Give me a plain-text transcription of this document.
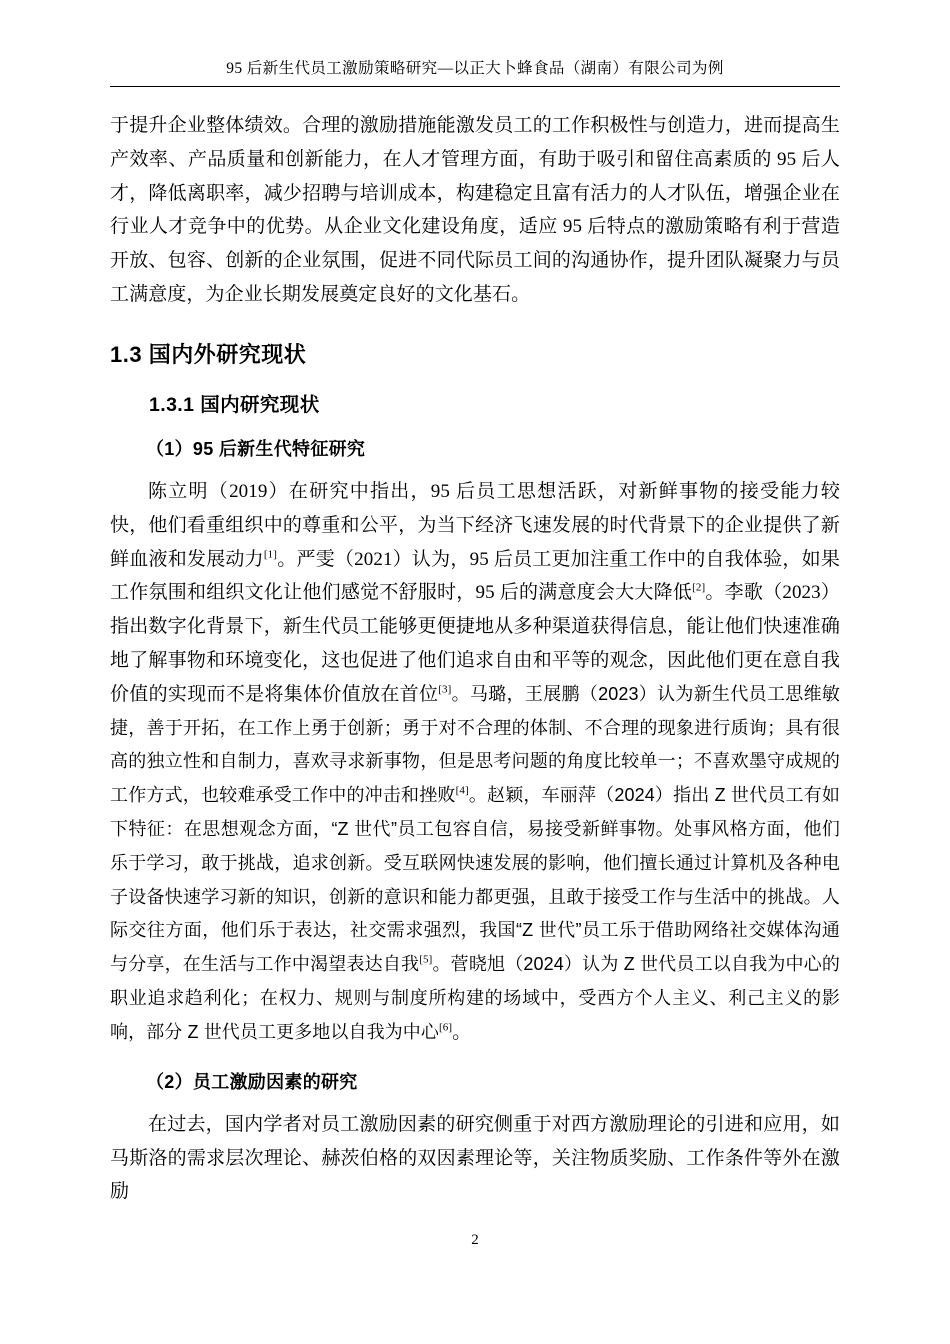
95 后新生代员工激励策略研究—以正大卜蜂食品（湖南）有限公司为例

于提升企业整体绩效。合理的激励措施能激发员工的工作积极性与创造力，进而提高生产效率、产品质量和创新能力，在人才管理方面，有助于吸引和留住高素质的 95 后人才，降低离职率，减少招聘与培训成本，构建稳定且富有活力的人才队伍，增强企业在行业人才竞争中的优势。从企业文化建设角度，适应 95 后特点的激励策略有利于营造开放、包容、创新的企业氛围，促进不同代际员工间的沟通协作，提升团队凝聚力与员工满意度，为企业长期发展奠定良好的文化基石。

1.3 国内外研究现状
1.3.1 国内研究现状
（1）95 后新生代特征研究

陈立明（2019）在研究中指出，95 后员工思想活跃，对新鲜事物的接受能力较快，他们看重组织中的尊重和公平，为当下经济飞速发展的时代背景下的企业提供了新鲜血液和发展动力[1]。严雯（2021）认为，95 后员工更加注重工作中的自我体验，如果工作氛围和组织文化让他们感觉不舒服时，95 后的满意度会大大降低[2]。李歌（2023）指出数字化背景下，新生代员工能够更便捷地从多种渠道获得信息，能让他们快速准确地了解事物和环境变化，这也促进了他们追求自由和平等的观念，因此他们更在意自我价值的实现而不是将集体价值放在首位[3]。马璐，王展鹏（2023）认为新生代员工思维敏捷，善于开拓，在工作上勇于创新；勇于对不合理的体制、不合理的现象进行质询；具有很高的独立性和自制力，喜欢寻求新事物，但是思考问题的角度比较单一；不喜欢墨守成规的工作方式，也较难承受工作中的冲击和挫败[4]。赵颖，车丽萍（2024）指出 Z 世代员工有如下特征：在思想观念方面，“Z 世代”员工包容自信，易接受新鲜事物。处事风格方面，他们乐于学习，敢于挑战，追求创新。受互联网快速发展的影响，他们擅长通过计算机及各种电子设备快速学习新的知识，创新的意识和能力都更强，且敢于接受工作与生活中的挑战。人际交往方面，他们乐于表达，社交需求强烈，我国“Z 世代”员工乐于借助网络社交媒体沟通与分享，在生活与工作中渴望表达自我[5]。菅晓旭（2024）认为 Z 世代员工以自我为中心的职业追求趋利化；在权力、规则与制度所构建的场域中，受西方个人主义、利己主义的影响，部分 Z 世代员工更多地以自我为中心[6]。

（2）员工激励因素的研究

在过去，国内学者对员工激励因素的研究侧重于对西方激励理论的引进和应用，如马斯洛的需求层次理论、赫茨伯格的双因素理论等，关注物质奖励、工作条件等外在激励

2
